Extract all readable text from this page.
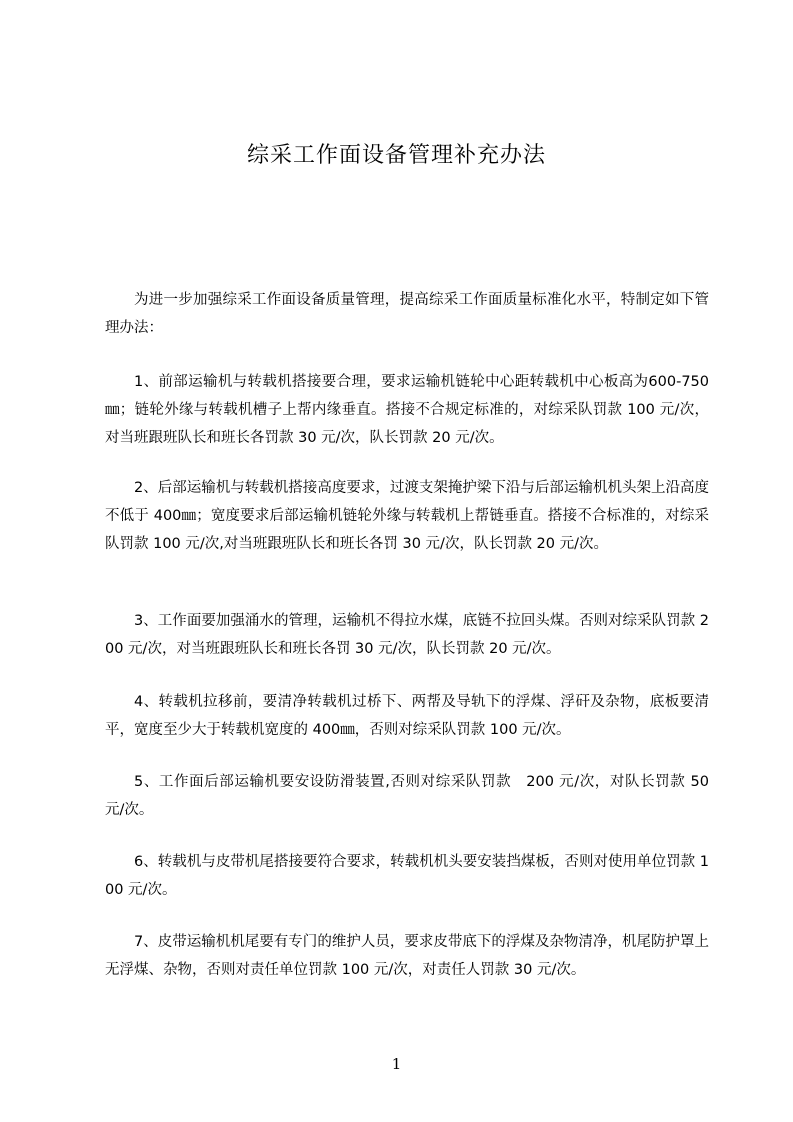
综采工作面设备管理补充办法

为进一步加强综采工作面设备质量管理，提高综采工作面质量标准化水平，特制定如下管理办法：

1、前部运输机与转载机搭接要合理，要求运输机链轮中心距转载机中心板高为600-750㎜；链轮外缘与转载机槽子上帮内缘垂直。搭接不合规定标准的，对综采队罚款 100 元/次，对当班跟班队长和班长各罚款 30 元/次，队长罚款 20 元/次。

2、后部运输机与转载机搭接高度要求，过渡支架掩护梁下沿与后部运输机机头架上沿高度不低于 400㎜；宽度要求后部运输机链轮外缘与转载机上帮链垂直。搭接不合标准的，对综采队罚款 100 元/次,对当班跟班队长和班长各罚 30 元/次，队长罚款 20 元/次。

3、工作面要加强涌水的管理，运输机不得拉水煤，底链不拉回头煤。否则对综采队罚款 200 元/次，对当班跟班队长和班长各罚 30 元/次，队长罚款 20 元/次。

4、转载机拉移前，要清净转载机过桥下、两帮及导轨下的浮煤、浮矸及杂物，底板要清平，宽度至少大于转载机宽度的 400㎜，否则对综采队罚款 100 元/次。

5、工作面后部运输机要安设防滑装置,否则对综采队罚款　200 元/次，对队长罚款 50 元/次。

6、转载机与皮带机尾搭接要符合要求，转载机机头要安装挡煤板，否则对使用单位罚款 100 元/次。

7、皮带运输机机尾要有专门的维护人员，要求皮带底下的浮煤及杂物清净，机尾防护罩上无浮煤、杂物，否则对责任单位罚款 100 元/次，对责任人罚款 30 元/次。

1
